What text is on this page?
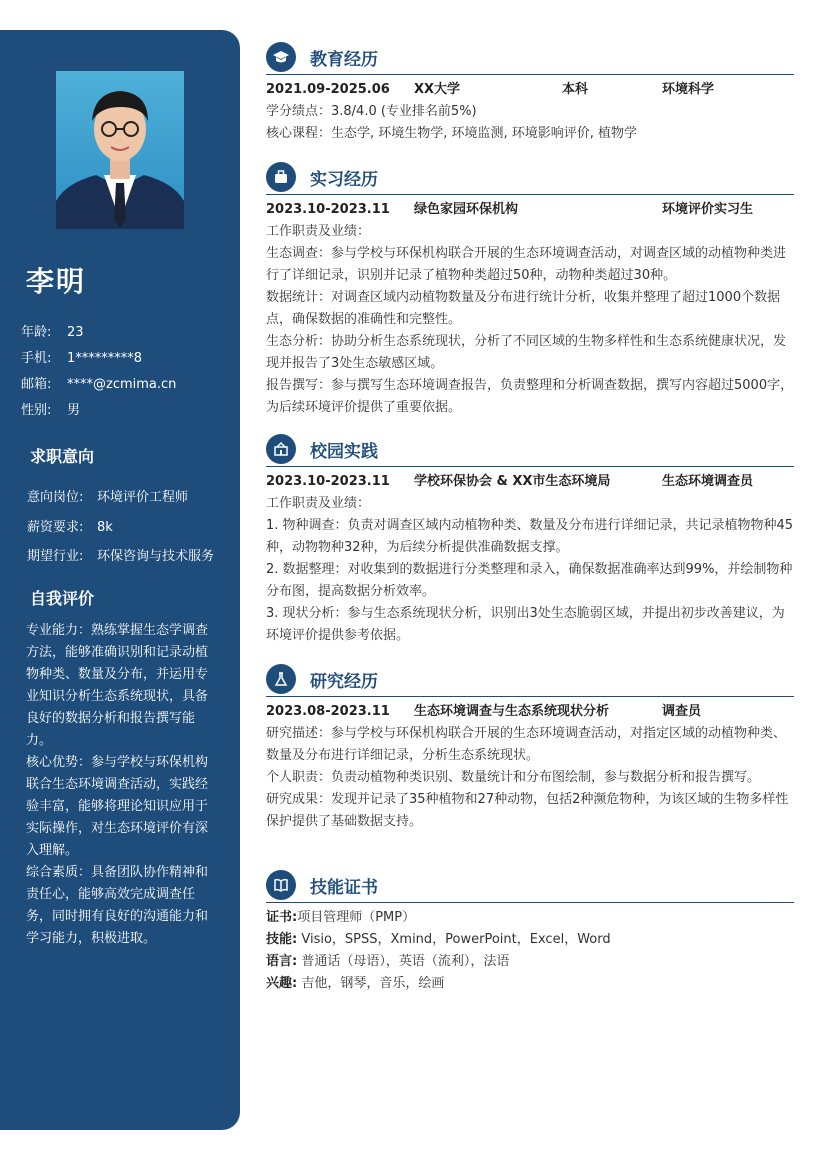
李明
年龄:	23
手机:	1*********8
邮箱:	****@zcmima.cn
性别:	男
求职意向
意向岗位:	环境评价工程师
薪资要求:	8k
期望行业:	环保咨询与技术服务
自我评价

专业能力：熟练掌握生态学调查方法，能够准确识别和记录动植物种类、数量及分布，并运用专业知识分析生态系统现状，具备良好的数据分析和报告撰写能力。

核心优势：参与学校与环保机构联合生态环境调查活动，实践经验丰富，能够将理论知识应用于实际操作，对生态环境评价有深入理解。

综合素质：具备团队协作精神和责任心，能够高效完成调查任务，同时拥有良好的沟通能力和学习能力，积极进取。

教育经历
2021.09-2025.06	XX大学	本科	环境科学

学分绩点：3.8/4.0 (专业排名前5%)

核心课程：生态学, 环境生物学, 环境监测, 环境影响评价, 植物学

实习经历
2023.10-2023.11	绿色家园环保机构	环境评价实习生

工作职责及业绩：

生态调查：参与学校与环保机构联合开展的生态环境调查活动，对调查区域的动植物种类进行了详细记录，识别并记录了植物种类超过50种，动物种类超过30种。

数据统计：对调查区域内动植物数量及分布进行统计分析，收集并整理了超过1000个数据点，确保数据的准确性和完整性。

生态分析：协助分析生态系统现状，分析了不同区域的生物多样性和生态系统健康状况，发现并报告了3处生态敏感区域。

报告撰写：参与撰写生态环境调查报告，负责整理和分析调查数据，撰写内容超过5000字，为后续环境评价提供了重要依据。

校园实践
2023.10-2023.11	学校环保协会 & XX市生态环境局	生态环境调查员

工作职责及业绩：

1. 物种调查：负责对调查区域内动植物种类、数量及分布进行详细记录，共记录植物物种45种，动物物种32种，为后续分析提供准确数据支撑。

2. 数据整理：对收集到的数据进行分类整理和录入，确保数据准确率达到99%，并绘制物种分布图，提高数据分析效率。

3. 现状分析：参与生态系统现状分析，识别出3处生态脆弱区域，并提出初步改善建议，为环境评价提供参考依据。

研究经历
2023.08-2023.11	生态环境调查与生态系统现状分析	调查员

研究描述：参与学校与环保机构联合开展的生态环境调查活动，对指定区域的动植物种类、数量及分布进行详细记录，分析生态系统现状。

个人职责：负责动植物种类识别、数量统计和分布图绘制，参与数据分析和报告撰写。

研究成果：发现并记录了35种植物和27种动物，包括2种濒危物种，为该区域的生物多样性保护提供了基础数据支持。

技能证书
证书:项目管理师（PMP）
技能: Visio，SPSS，Xmind，PowerPoint，Excel，Word
语言: 普通话（母语），英语（流利），法语
兴趣: 吉他，钢琴，音乐，绘画
